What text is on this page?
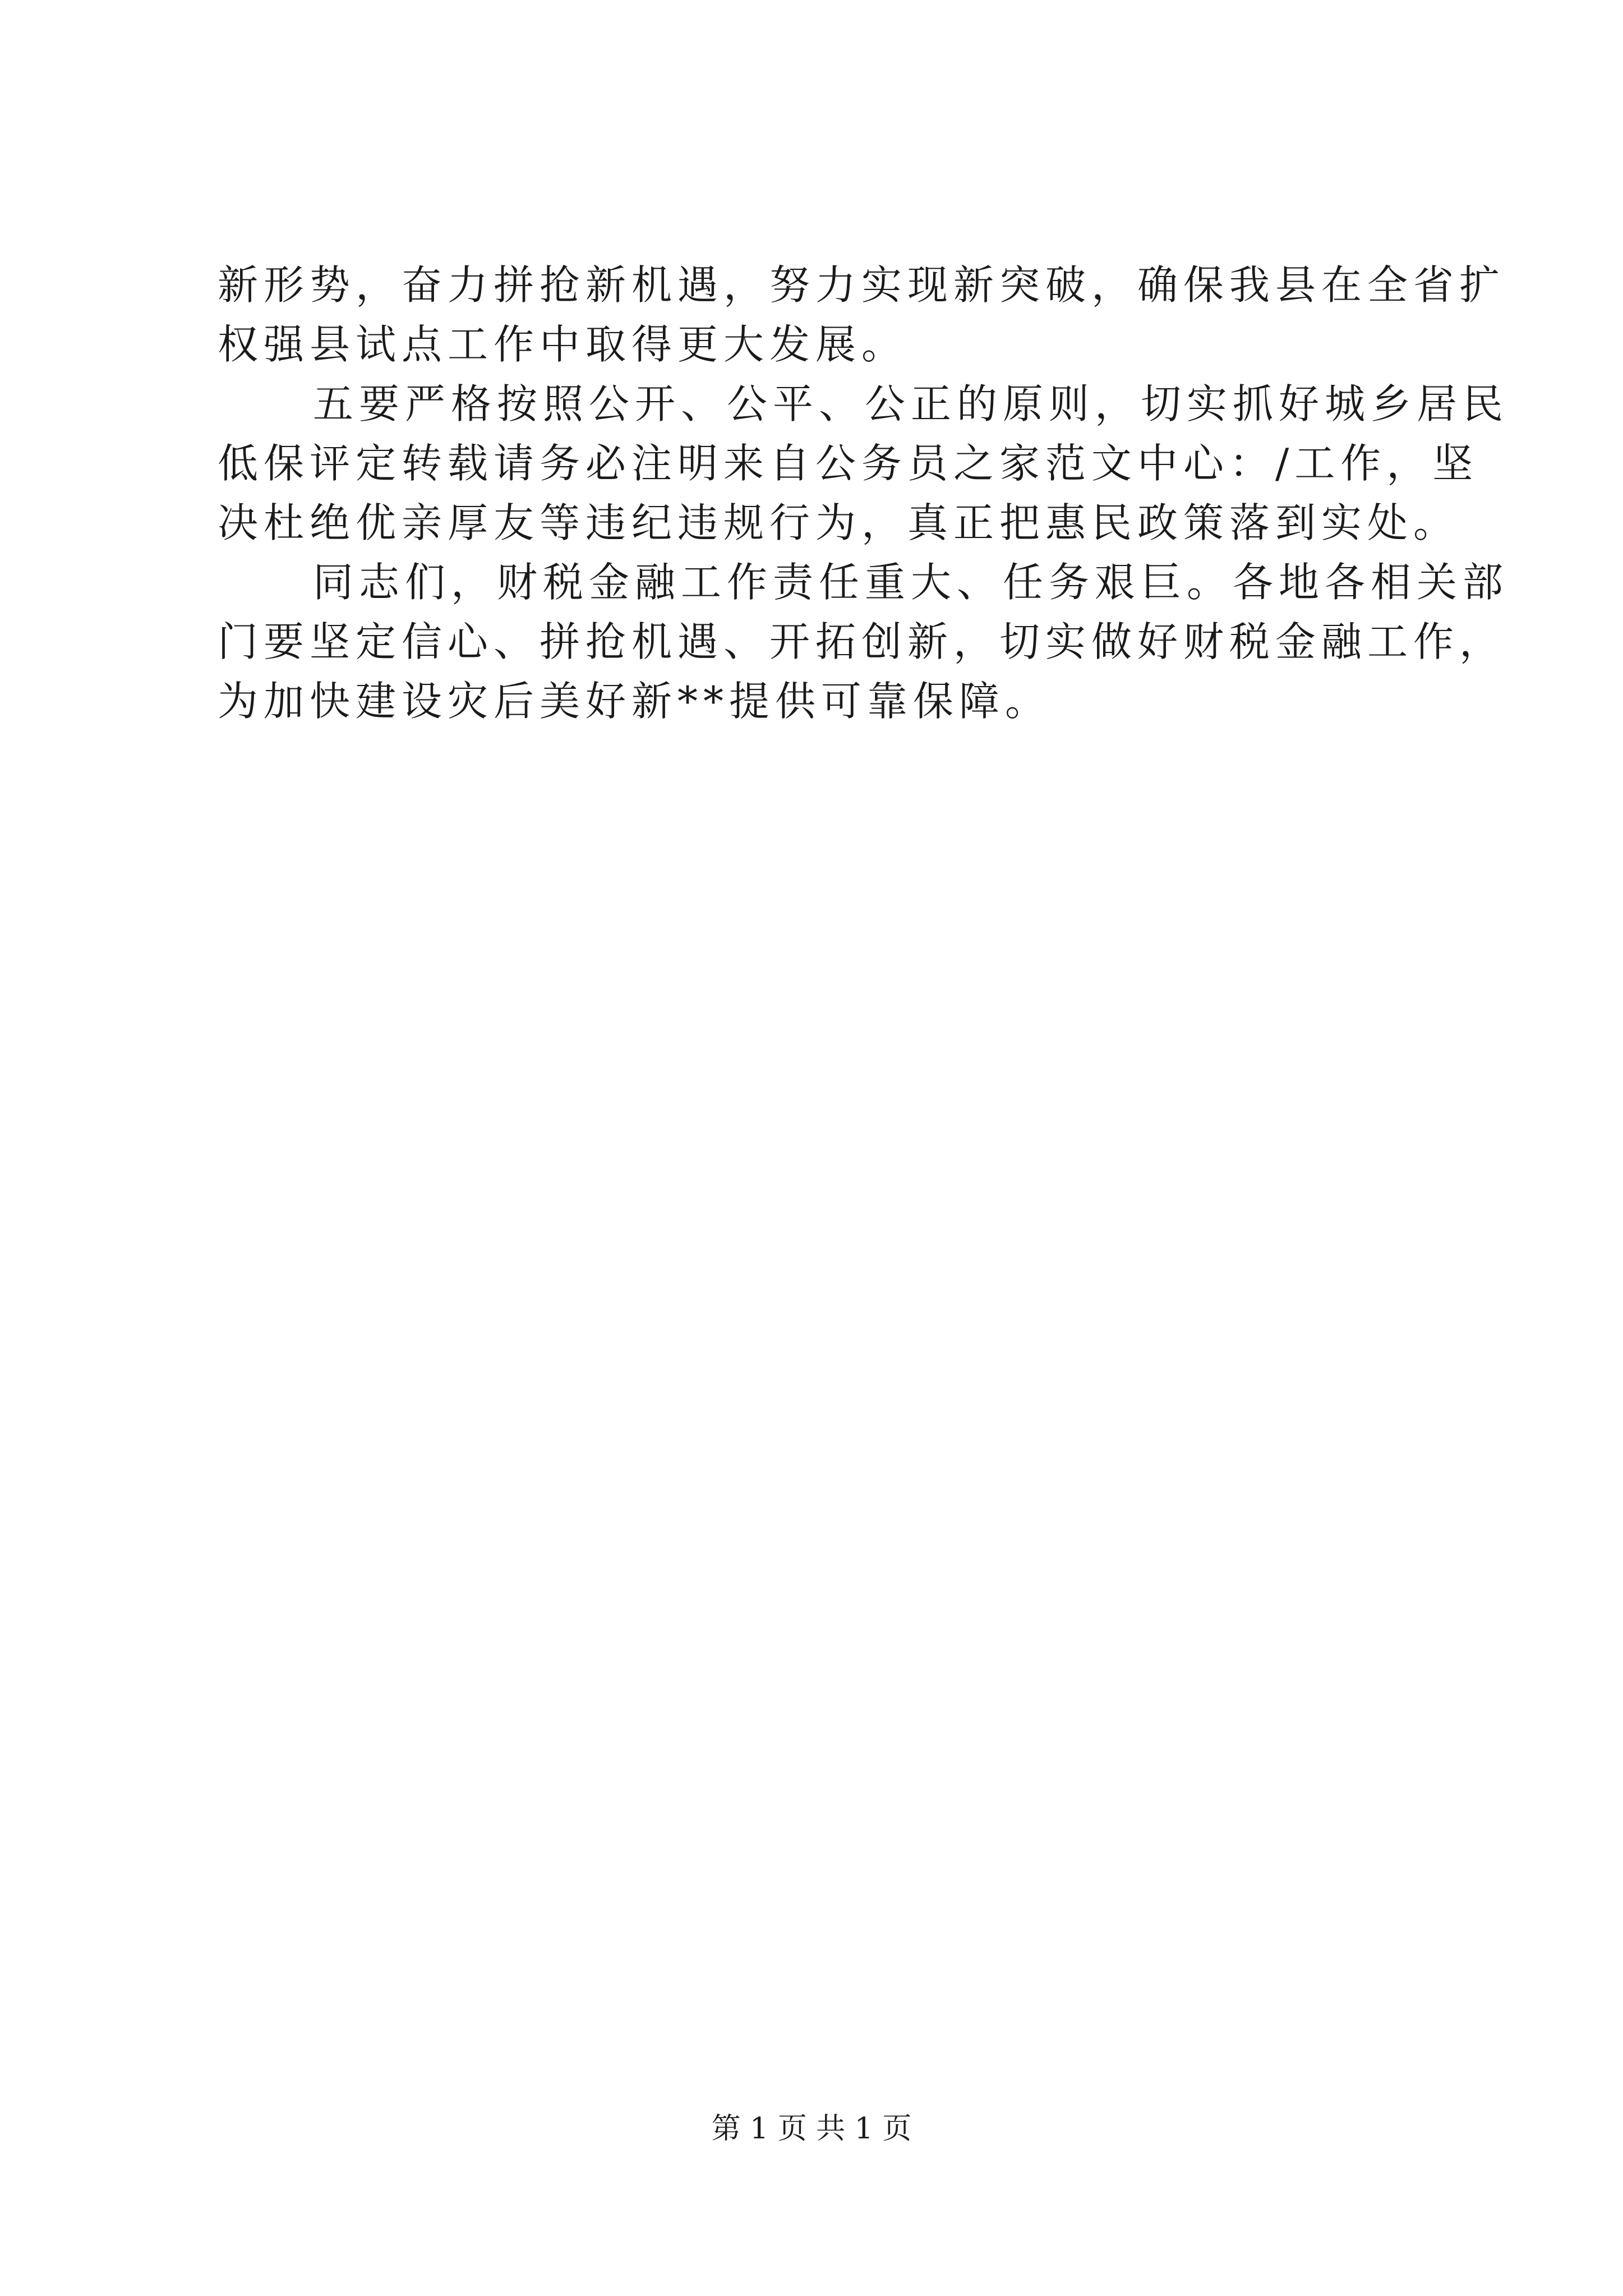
新形势，奋力拼抢新机遇，努力实现新突破，确保我县在全省扩
权强县试点工作中取得更大发展。
五要严格按照公开、公平、公正的原则，切实抓好城乡居民
低保评定转载请务必注明来自公务员之家范文中心：/工作，坚
决杜绝优亲厚友等违纪违规行为，真正把惠民政策落到实处。
同志们，财税金融工作责任重大、任务艰巨。各地各相关部
门要坚定信心、拼抢机遇、开拓创新，切实做好财税金融工作，
为加快建设灾后美好新**提供可靠保障。
第 1 页 共 1 页
